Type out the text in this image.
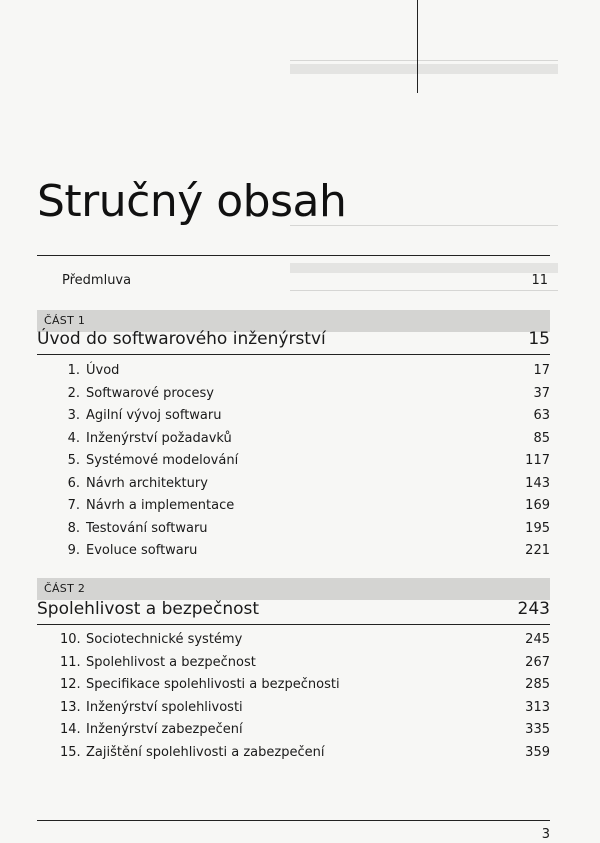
Stručný obsah
Předmluva	11
ČÁST 1
Úvod do softwarového inženýrství	15
1. Úvod	17
2. Softwarové procesy	37
3. Agilní vývoj softwaru	63
4. Inženýrství požadavků	85
5. Systémové modelování	117
6. Návrh architektury	143
7. Návrh a implementace	169
8. Testování softwaru	195
9. Evoluce softwaru	221
ČÁST 2
Spolehlivost a bezpečnost	243
10. Sociotechnické systémy	245
11. Spolehlivost a bezpečnost	267
12. Specifikace spolehlivosti a bezpečnosti	285
13. Inženýrství spolehlivosti	313
14. Inženýrství zabezpečení	335
15. Zajištění spolehlivosti a zabezpečení	359
3
